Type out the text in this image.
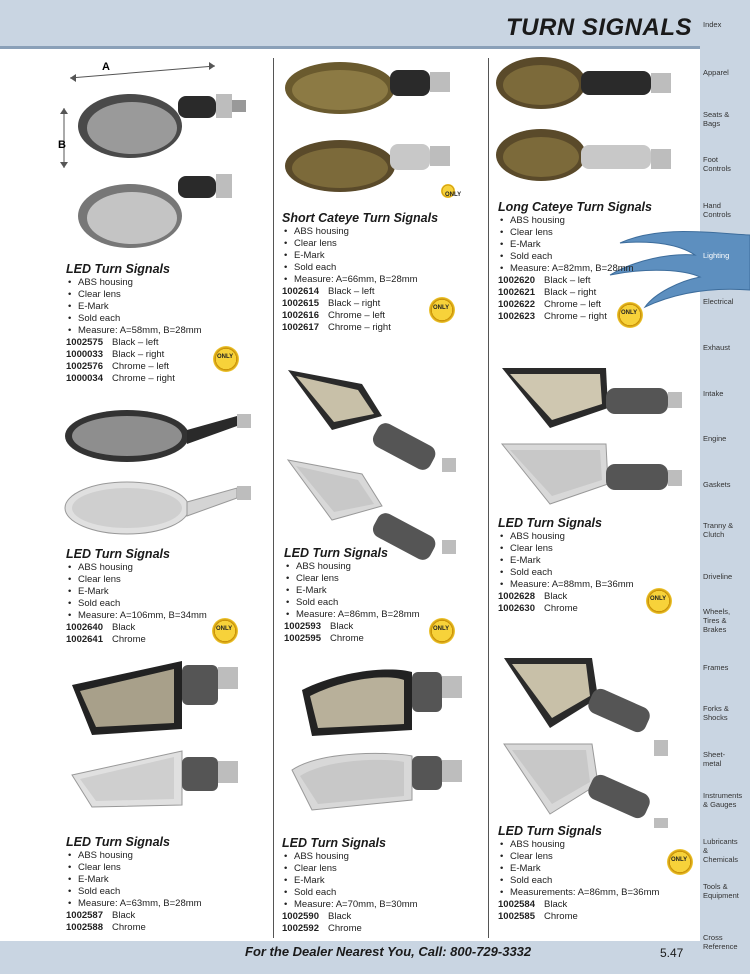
TURN SIGNALS Index
Apparel
Seats & Bags
Foot Controls
Hand Controls
Lighting
Electrical
Exhaust
Intake
Engine
Gaskets
Tranny & Clutch
Driveline
Wheels, Tires & Brakes
Frames
Forks & Shocks
Sheet-metal
Instruments & Gauges
Lubricants & Chemicals
Tools & Equipment
Cross Reference
A
B
ONLY
ONLY
ONLY
ONLY
ONLY
ONLY
ONLY
ONLY
LED Turn Signals
• ABS housing
• Clear lens
• E-Mark
• Sold each
• Measure: A=58mm, B=28mm
1002575 Black – left
1000033 Black – right
1002576 Chrome – left
1000034 Chrome – right
Short Cateye Turn Signals
• ABS housing
• Clear lens
• E-Mark
• Sold each
• Measure: A=66mm, B=28mm
1002614 Black – left
1002615 Black – right
1002616 Chrome – left
1002617 Chrome – right
Long Cateye Turn Signals
• ABS housing
• Clear lens
• E-Mark
• Sold each
• Measure: A=82mm, B=28mm
1002620 Black – left
1002621 Black – right
1002622 Chrome – left
1002623 Chrome – right
LED Turn Signals
• ABS housing
• Clear lens
• E-Mark
• Sold each
• Measure: A=106mm, B=34mm
1002640 Black
1002641 Chrome
LED Turn Signals
• ABS housing
• Clear lens
• E-Mark
• Sold each
• Measure: A=86mm, B=28mm
1002593 Black
1002595 Chrome
LED Turn Signals
• ABS housing
• Clear lens
• E-Mark
• Sold each
• Measure: A=88mm, B=36mm
1002628 Black
1002630 Chrome
LED Turn Signals
• ABS housing
• Clear lens
• E-Mark
• Sold each
• Measure: A=63mm, B=28mm
1002587 Black
1002588 Chrome
LED Turn Signals
• ABS housing
• Clear lens
• E-Mark
• Sold each
• Measure: A=70mm, B=30mm
1002590 Black
1002592 Chrome
LED Turn Signals
• ABS housing
• Clear lens
• E-Mark
• Sold each
• Measurements: A=86mm, B=36mm
1002584 Black
1002585 Chrome
For the Dealer Nearest You, Call: 800-729-3332	5.47
